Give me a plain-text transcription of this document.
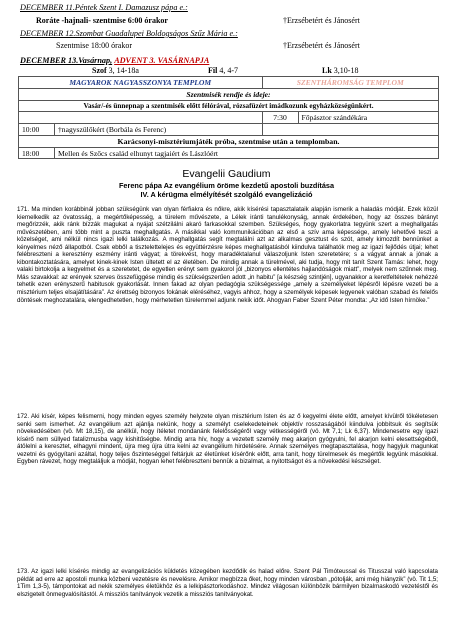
DECEMBER 11.Péntek Szent I. Damazusz pápa e.:
Roráte -hajnali- szentmise 6:00 órakor	†Erzsébetért és Jánosért
DECEMBER 12.Szombat Guadalupei Boldogságos Szűz Mária e.:
Szentmise 18:00 órakor	†Erzsébetért és Jánosért
DECEMBER 13.Vasárnap, ADVENT 3. VASÁRNAPJA
Szof 3, 14-18a	Fil 4, 4-7	Lk 3,10-18
MAGYAROK NAGYASSZONYA TEMPLOM		SZENTHÁROMSÁG TEMPLOM	
Szentmisék rendje és ideje:			
Vasár/-és ünnepnap a szentmisék előtt félórával, rózsafüzért imádkozunk egyházközségünkért.			
		7:30	Főpásztor szándékára
10:00	†nagyszülőkért (Borbála és Ferenc)		
Karácsonyi-misztériumjáték próba, szentmise után a templomban.			
18:00	Mellen és Szőcs család elhunyt tagjaiért és Lászlóért		
Evangelii Gaudium
Ferenc pápa Az evangélium öröme kezdetű apostoli buzdítása
IV. A kérügma elmélyítését szolgáló evangelizáció
171. Ma minden korábbinál jobban szükségünk van olyan férfiakra és nőkre, akik kísérési tapasztalataik alapján ismerik a haladás módját. Ezek közül kiemelkedik az óvatosság, a megértőképesség, a türelem művészete, a Lélek iránti tanulékonyság, annak érdekében, hogy az összes bárányt megőrizzék, akik ránk bízzák magukat a nyájat szétzilálni akaró farkasokkal szemben. Szükséges, hogy gyakorlatra tegyünk szert a meghallgatás művészetében, ami több mint a puszta meghallgatás. A másikkal való kommunikációban az első a szív ama képessége, amely lehetővé teszi a közelséget, ami nélkül nincs igazi lelki találkozás. A meghallgatás segít megtalálni azt az alkalmas gesztust és szót, amely kimozdít bennünket a kényelmes néző állapotból. Csak ebből a tisztelettelejes és együttérzésre képes meghallgatásból kiindulva találhatók meg az igazi fejlődés útjai; lehet felébreszteni a keresztény eszmény iránti vágyat; a törekvést, hogy maradéktalanul válaszoljunk Isten szeretetére; s a vágyat annak a jónak a kibontakoztatására, amelyet kinek-kinek Isten ültetett el az életében. De mindig annak a türelmével, aki tudja, hogy mit tanít Szent Tamás: lehet, hogy valaki birtokolja a kegyelmet és a szeretetet, de egyetlen erényt sem gyakorol jól „bizonyos ellentétes hajlandóságok miatt”, melyek nem szűnnek meg. Más szavakkal: az erények szerves összefüggése mindig és szükségszerűen adott „in habitu” [a készség szintjén], ugyanakkor a keretfeltételek nehézzé tehetik ezen erényszerű habitusok gyakorlását. Innen fakad az olyan pedagógia szükségessége „amely a személyeket lépésről lépésre vezeti be a misztérium teljes elsajátítására”. Az érettség bizonyos fokának eléréséhez, vagyis ahhoz, hogy a személyek képesek legyenek valóban szabad és felelős döntések meghozatalára, elengedhetetlen, hogy mérhetetlen türelemmel adjunk nekik időt. Ahogyan Faber Szent Péter mondta: „Az idő Isten hírnöke.”
172. Aki kísér, képes felismerni, hogy minden egyes személy helyzete olyan misztérium Isten és az ő kegyelmi élete előtt, amelyet kívülről tökéletesen senki sem ismerhet. Az evangélium azt ajánlja nekünk, hogy a személyt cselekedeteinek objektív rosszaságából kiindulva jobbítsuk és segítsük növekedésében (vö. Mt 18,15), de anélkül, hogy ítéletet mondanánk felelősségéről vagy vétkességéről (vö. Mt 7,1; Lk 6,37). Mindenesetre egy igazi kísérő nem süllyed fatalizmusba vagy kishitűségbe. Mindig arra hív, hogy a vezetett személy meg akarjon gyógyulni, fel akarjon kelni elesettségéből, átölelni a keresztet, elhagyni mindent, újra meg újra útra kelni az evangélium hirdetésére. Annak személyes megtapasztalása, hogy hagyjuk magunkat vezetni és gyógyítani azáltal, hogy teljes őszinteséggel feltárjuk az életünket kísérőnk előtt, arra tanít, hogy türelmesek és megértők legyünk másokkal. Egyben rávezet, hogy megtaláljuk a módját, hogyan lehet felébreszteni bennük a bizalmat, a nyitottságot és a növekedési készséget.
173. Az igazi lelki kísérés mindig az evangelizációs küldetés közegében kezdődik és halad előre. Szent Pál Timóteussal és Titusszal való kapcsolata példát ad erre az apostoli munka közbeni vezetésre és nevelésre. Amikor megbízza őket, hogy minden városban „pótolják, ami még hiányzik” (vö. Tit 1,5; 1Tim 1,3-5), támpontokat ad nekik személyes életükhöz és a lelkipásztorkodáshoz. Mindez világosan különbözik bármilyen bizalmaskodó vezetéstől és elszigetelt önmegvalósítástól. A missziós tanítványok vezetik a missziós tanítványokat.
